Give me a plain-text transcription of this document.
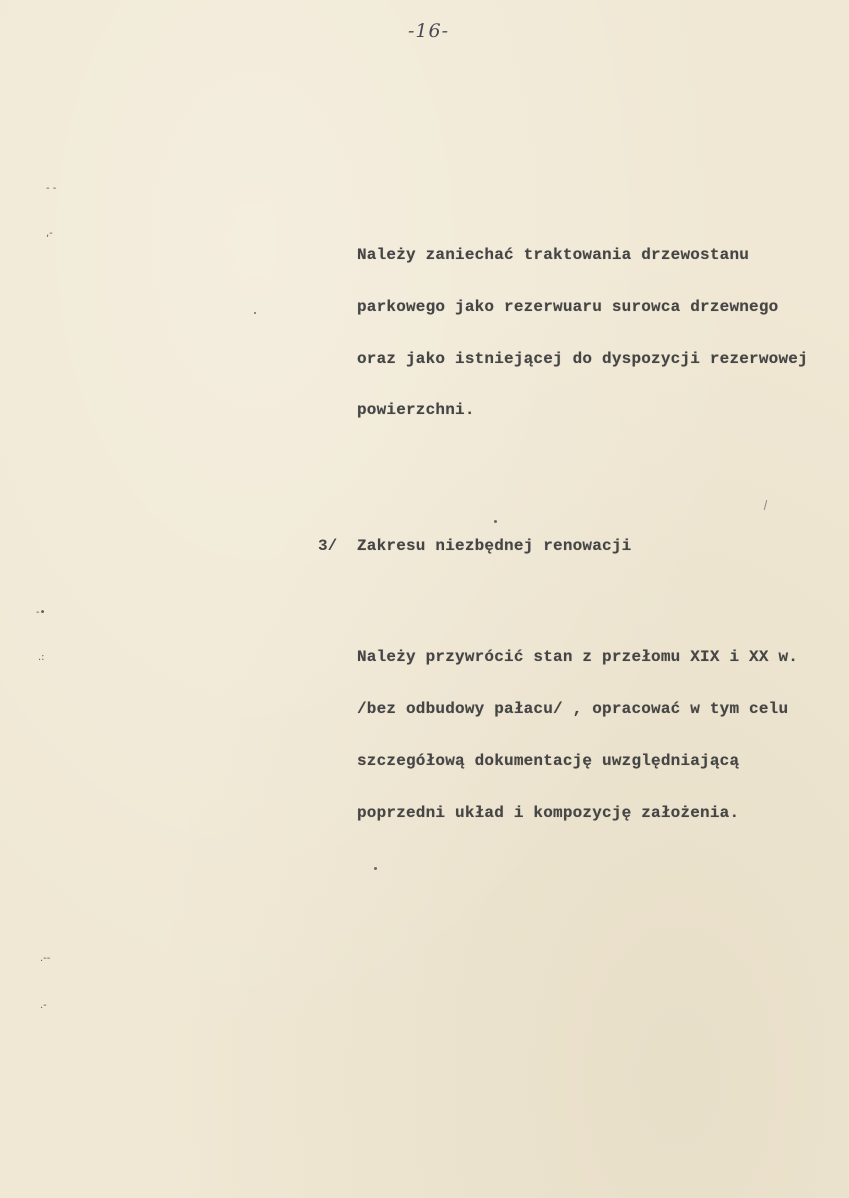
-16-
- -
,-
-•
.:
.--
.-
Należy zaniechać traktowania drzewostanu
parkowego jako rezerwuaru surowca drzewnego
oraz jako istniejącej do dyspozycji rezerwowej
powierzchni.
3/ Zakresu niezbędnej renowacji
Należy przywrócić stan z przełomu XIX i XX w.
/bez odbudowy pałacu/ , opracować w tym celu
szczegółową dokumentację uwzględniającą
poprzedni układ i kompozycję założenia.
